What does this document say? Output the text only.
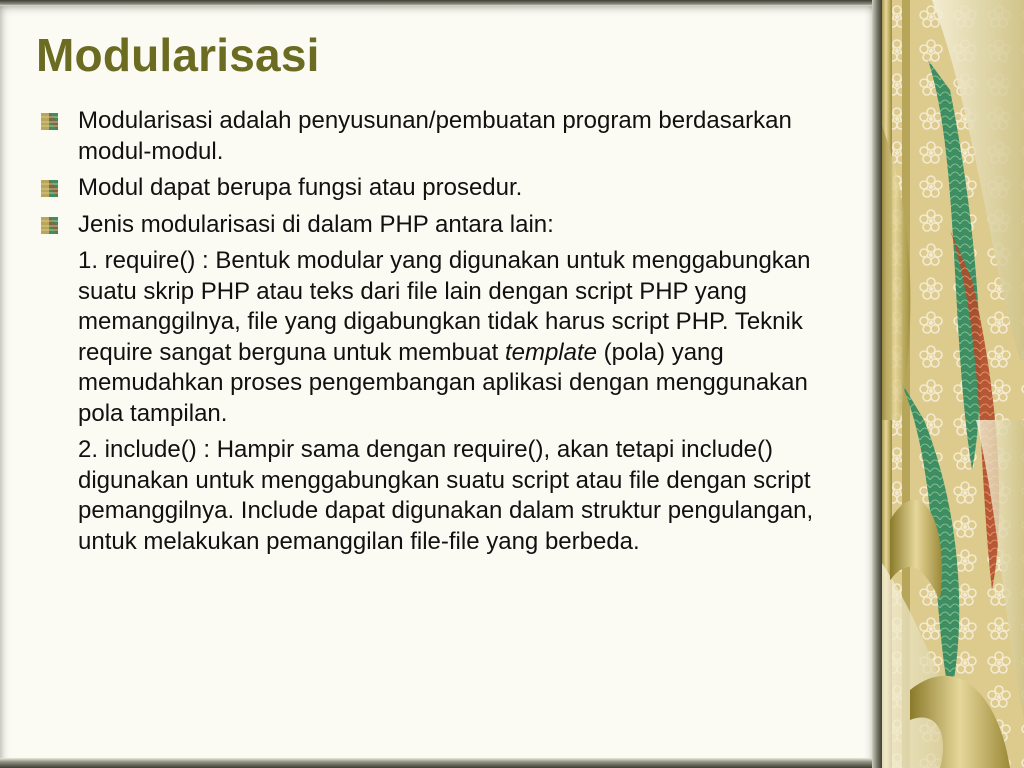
Modularisasi
Modularisasi adalah penyusunan/pembuatan program berdasarkan modul-modul.
Modul dapat berupa fungsi atau prosedur.
Jenis modularisasi di dalam PHP antara lain:

1. require() : Bentuk modular yang digunakan untuk menggabungkan suatu skrip PHP atau teks dari file lain dengan script PHP yang memanggilnya, file yang digabungkan tidak harus script PHP. Teknik require sangat berguna untuk membuat template (pola) yang memudahkan proses pengembangan aplikasi dengan menggunakan pola tampilan.

2. include() : Hampir sama dengan require(), akan tetapi include() digunakan untuk menggabungkan suatu script atau file dengan script pemanggilnya. Include dapat digunakan dalam struktur pengulangan, untuk melakukan pemanggilan file-file yang berbeda.
